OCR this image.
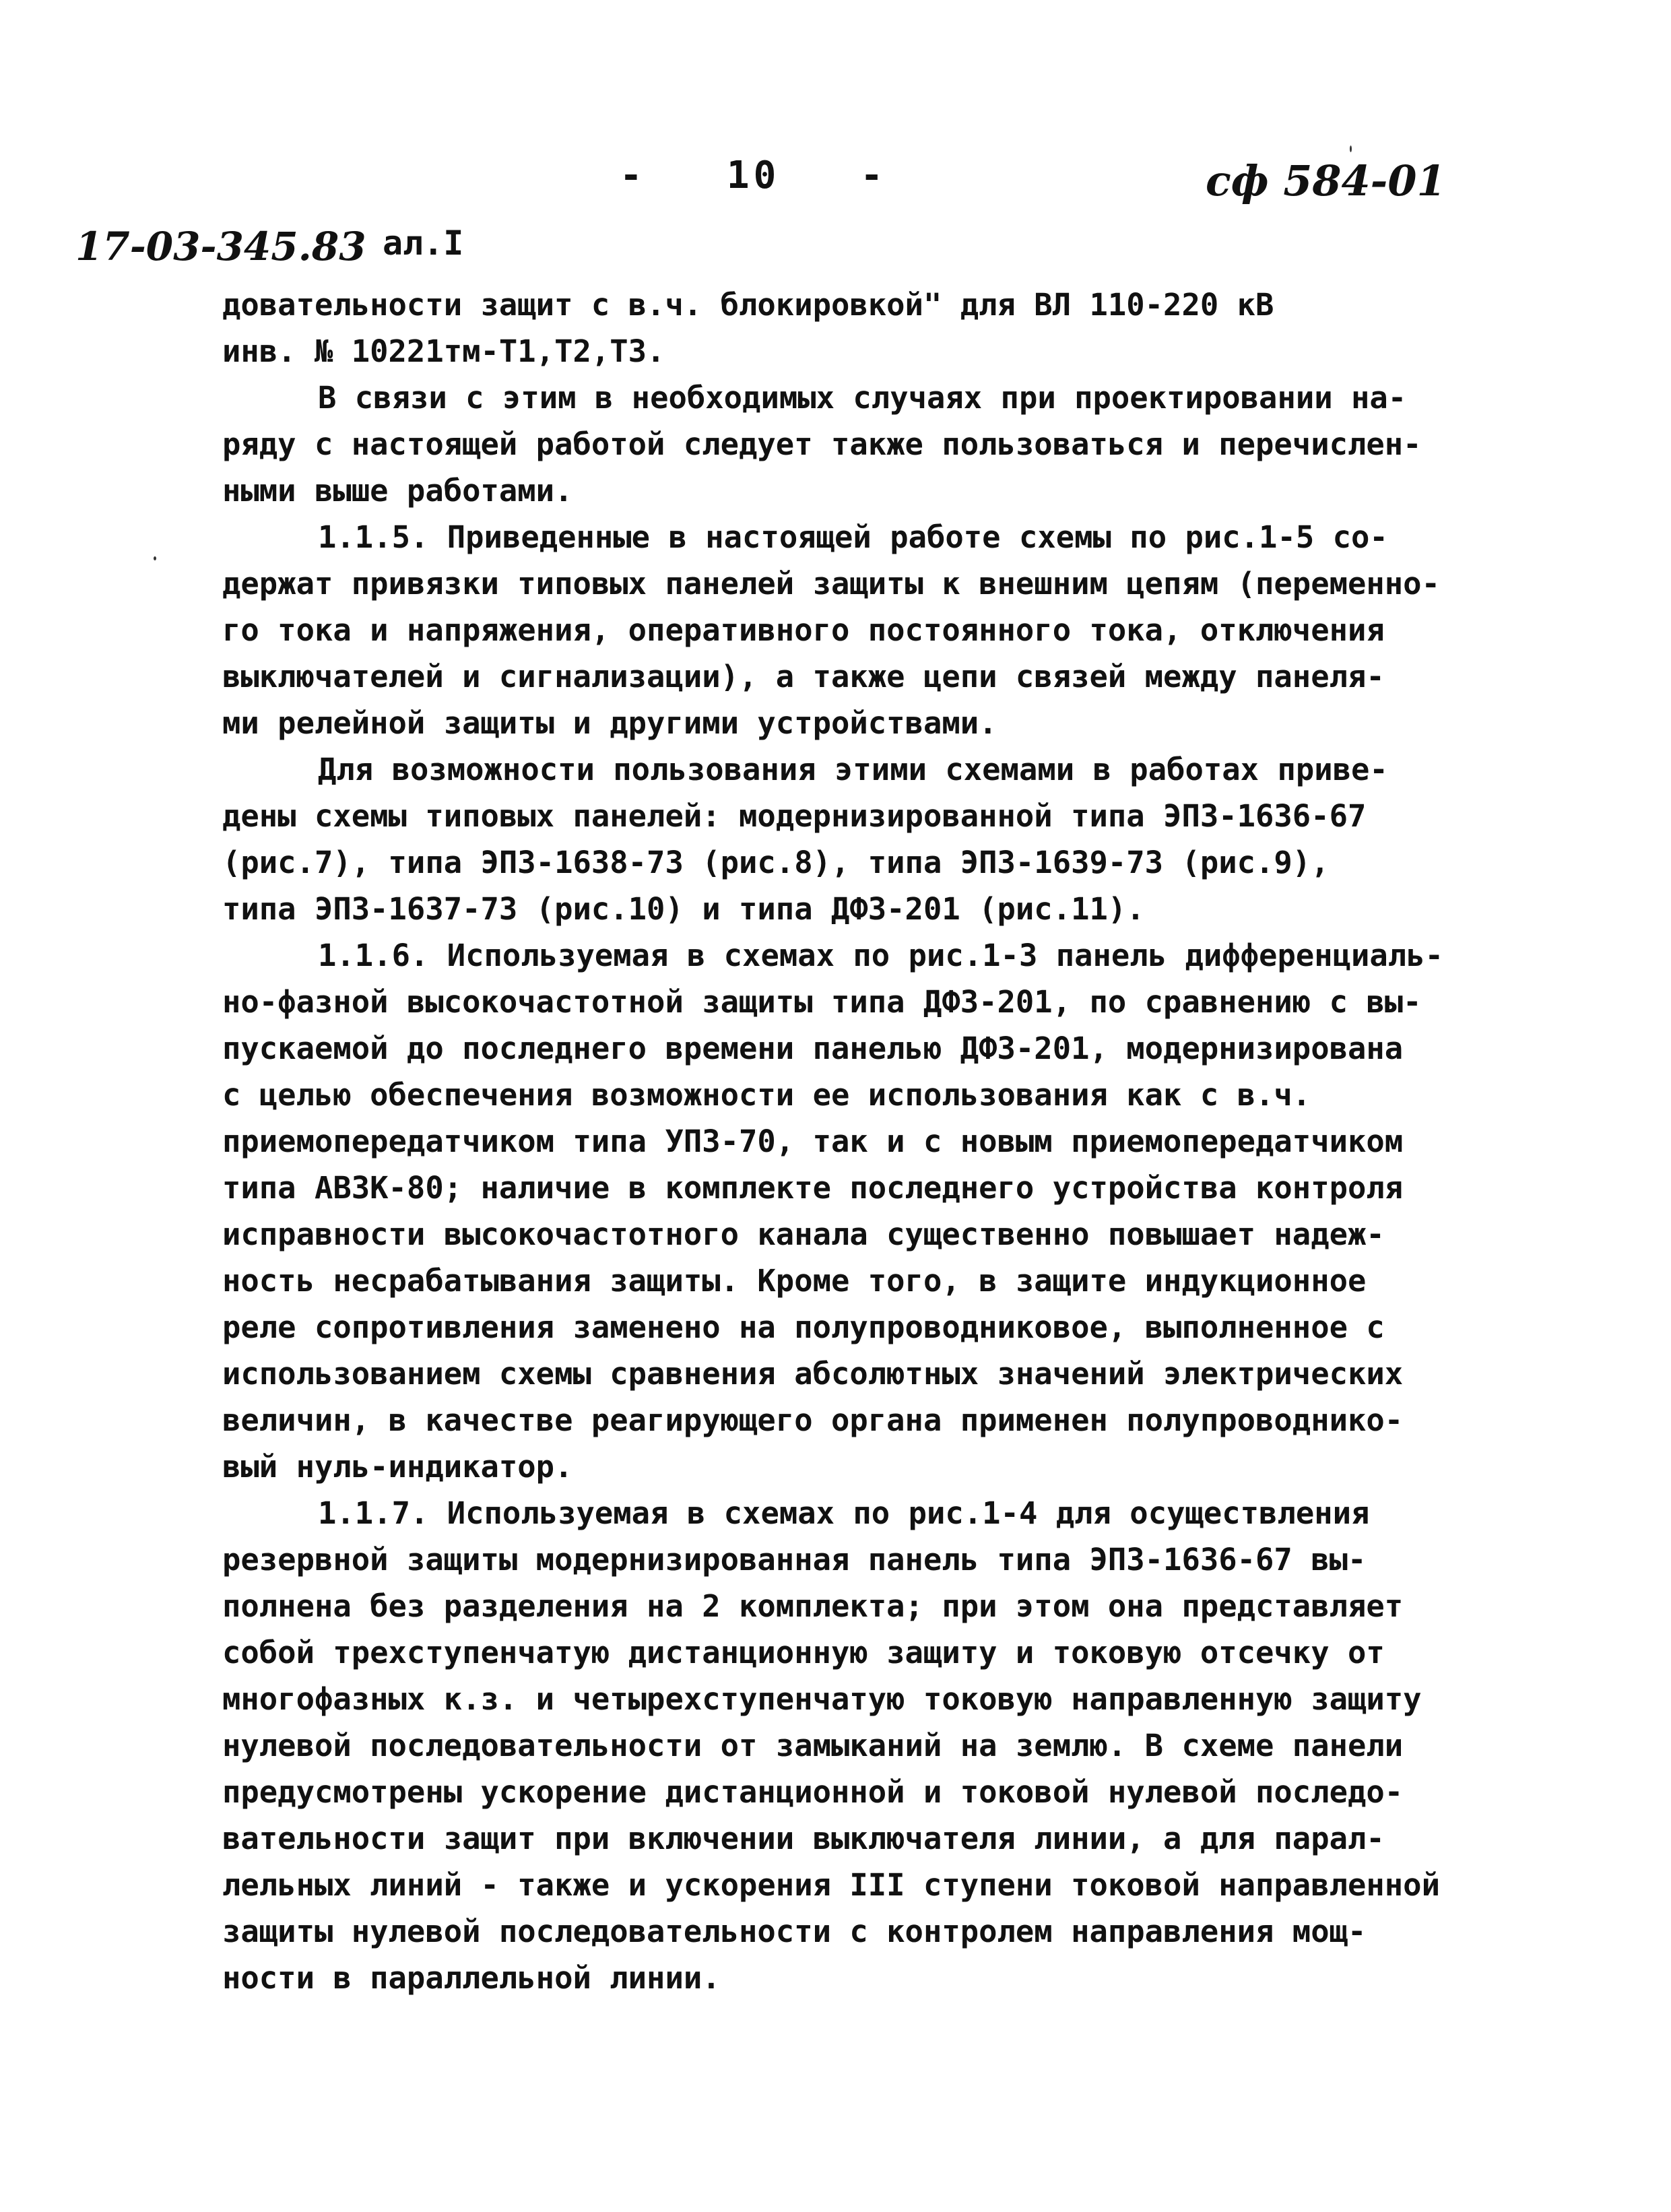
-   10   -	сф 584-01
17-03-345.83 ал.I
довательности защит с в.ч. блокировкой" для ВЛ 110-220 кВ
инв. № 10221тм-Т1,Т2,Т3.
В связи с этим в необходимых случаях при проектировании на-
ряду с настоящей работой следует также пользоваться и перечислен-
ными выше работами.
1.1.5. Приведенные в настоящей работе схемы по рис.1-5 со-
держат привязки типовых панелей защиты к внешним цепям (переменно-
го тока и напряжения, оперативного постоянного тока, отключения
выключателей и сигнализации), а также цепи связей между панеля-
ми релейной защиты и другими устройствами.
Для возможности пользования этими схемами в работах приве-
дены схемы типовых панелей: модернизированной типа ЭПЗ-1636-67
(рис.7), типа ЭПЗ-1638-73 (рис.8), типа ЭПЗ-1639-73 (рис.9),
типа ЭПЗ-1637-73 (рис.10) и типа ДФЗ-201 (рис.11).
1.1.6. Используемая в схемах по рис.1-3 панель дифференциаль-
но-фазной высокочастотной защиты типа ДФЗ-201, по сравнению с вы-
пускаемой до последнего времени панелью ДФЗ-201, модернизирована
с целью обеспечения возможности ее использования как с в.ч.
приемопередатчиком типа УПЗ-70, так и с новым приемопередатчиком
типа АВЗК-80; наличие в комплекте последнего устройства контроля
исправности высокочастотного канала существенно повышает надеж-
ность несрабатывания защиты. Кроме того, в защите индукционное
реле сопротивления заменено на полупроводниковое, выполненное с
использованием схемы сравнения абсолютных значений электрических
величин, в качестве реагирующего органа применен полупроводнико-
вый нуль-индикатор.
1.1.7. Используемая в схемах по рис.1-4 для осуществления
резервной защиты модернизированная панель типа ЭПЗ-1636-67 вы-
полнена без разделения на 2 комплекта; при этом она представляет
собой трехступенчатую дистанционную защиту и токовую отсечку от
многофазных к.з. и четырехступенчатую токовую направленную защиту
нулевой последовательности от замыканий на землю. В схеме панели
предусмотрены ускорение дистанционной и токовой нулевой последо-
вательности защит при включении выключателя линии, а для парал-
лельных линий - также и ускорения III ступени токовой направленной
защиты нулевой последовательности с контролем направления мощ-
ности в параллельной линии.
